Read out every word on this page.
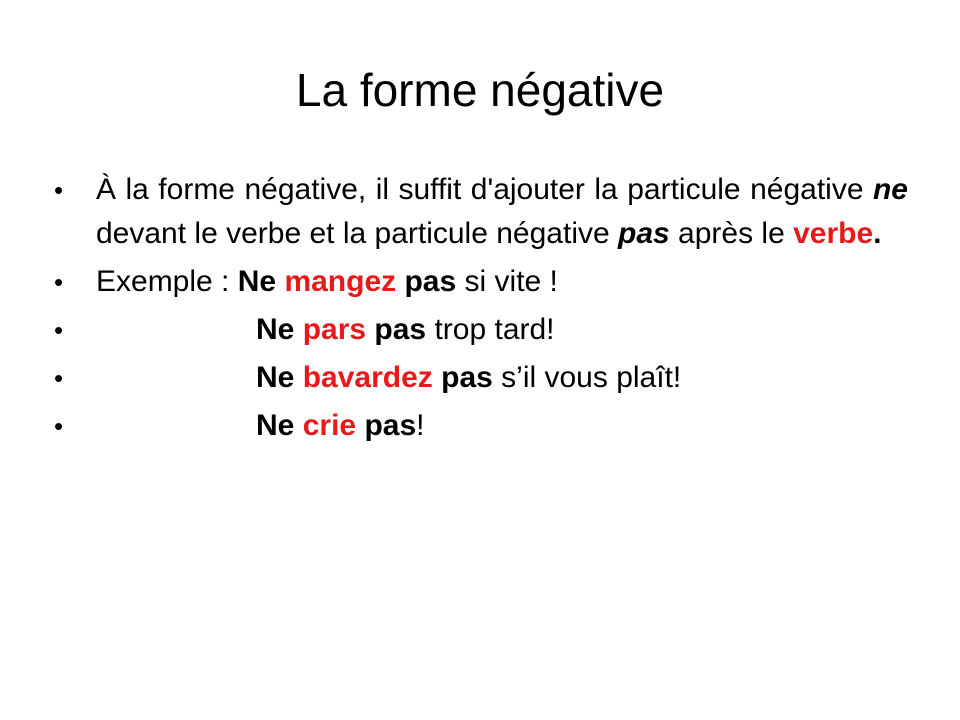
La forme négative
• À la forme négative, il suffit d'ajouter la particule négative ne devant le verbe et la particule négative pas après le verbe.
• Exemple : Ne mangez pas si vite !
•	Ne pars pas trop tard!
•	Ne bavardez pas s’il vous plaît!
•	Ne crie pas!
